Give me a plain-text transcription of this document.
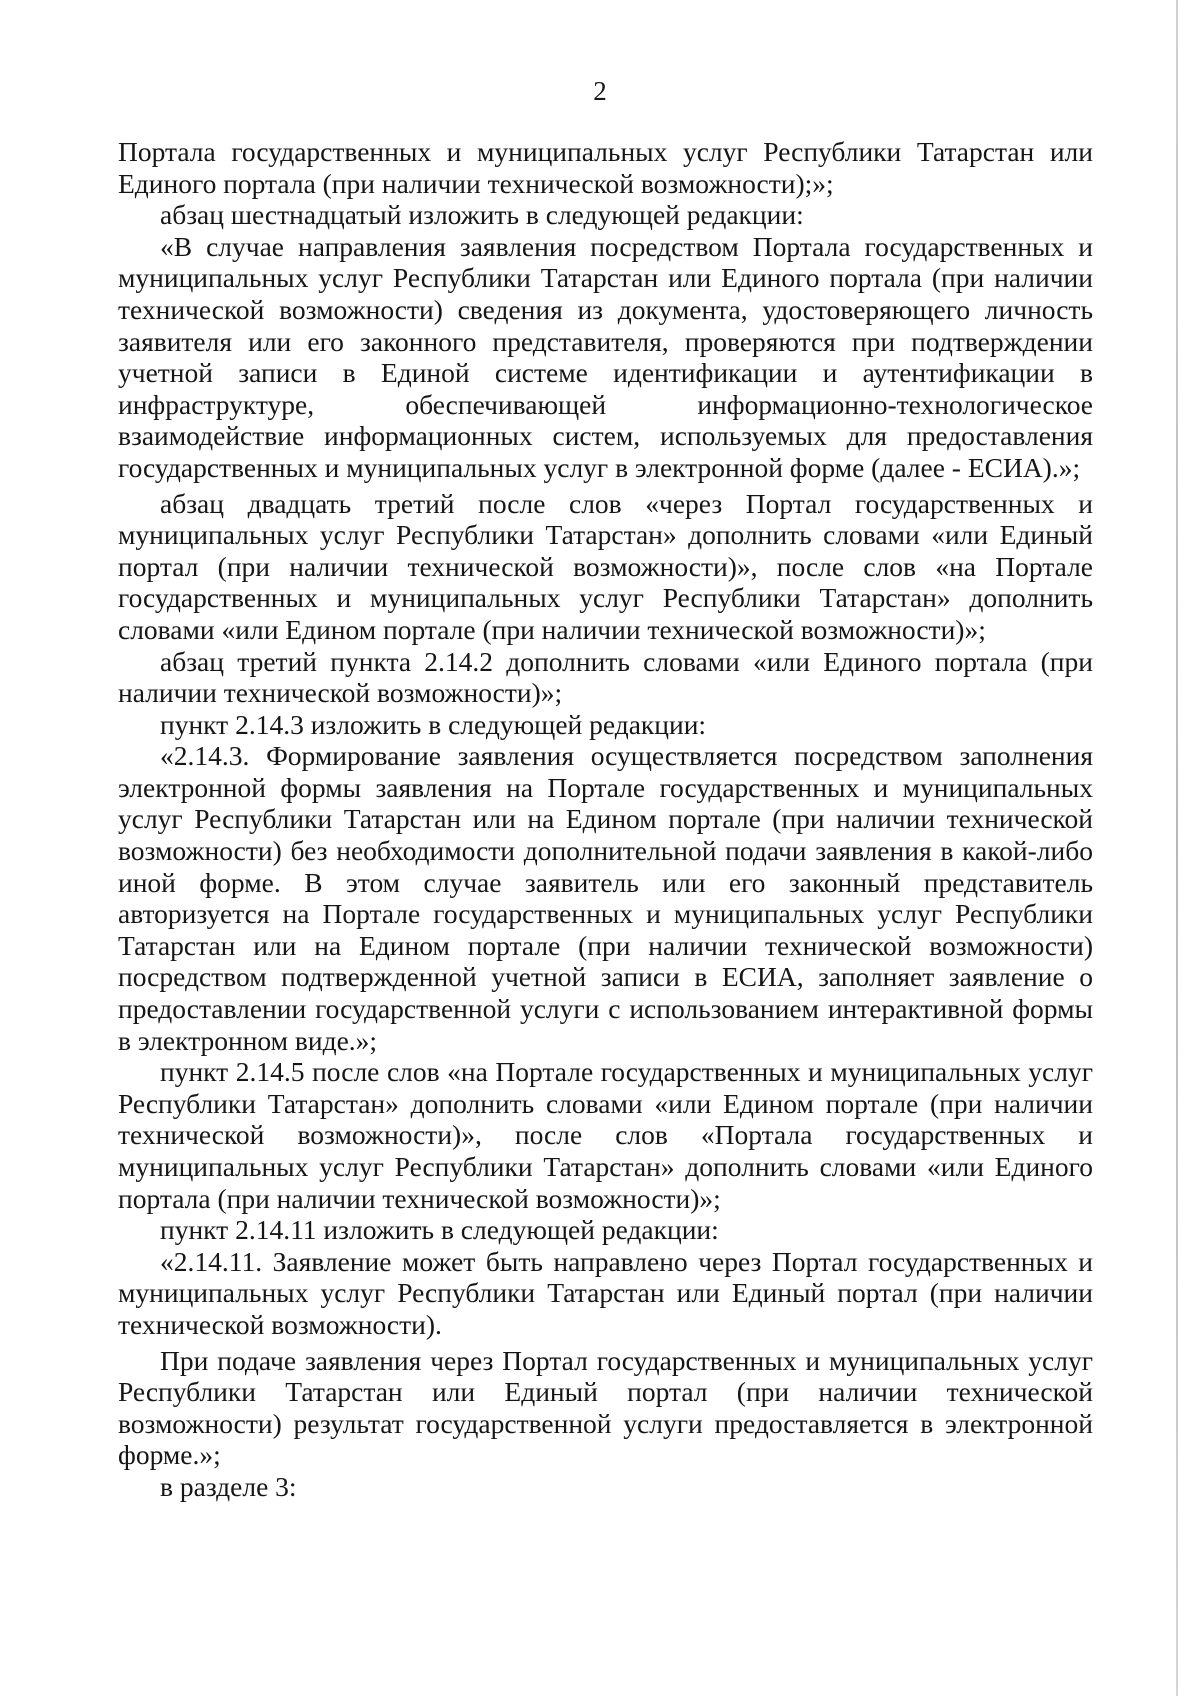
2

Портала государственных и муниципальных услуг Республики Татарстан или Единого портала (при наличии технической возможности);»;

абзац шестнадцатый изложить в следующей редакции:

«В случае направления заявления посредством Портала государственных и муниципальных услуг Республики Татарстан или Единого портала (при наличии технической возможности) сведения из документа, удостоверяющего личность заявителя или его законного представителя, проверяются при подтверждении учетной записи в Единой системе идентификации и аутентификации в инфраструктуре, обеспечивающей информационно-технологическое взаимодействие информационных систем, используемых для предоставления государственных и муниципальных услуг в электронной форме (далее - ЕСИА).»;

абзац двадцать третий после слов «через Портал государственных и муниципальных услуг Республики Татарстан» дополнить словами «или Единый портал (при наличии технической возможности)», после слов «на Портале государственных и муниципальных услуг Республики Татарстан» дополнить словами «или Едином портале (при наличии технической возможности)»;

абзац третий пункта 2.14.2 дополнить словами «или Единого портала (при наличии технической возможности)»;

пункт 2.14.3 изложить в следующей редакции:

«2.14.3. Формирование заявления осуществляется посредством заполнения электронной формы заявления на Портале государственных и муниципальных услуг Республики Татарстан или на Едином портале (при наличии технической возможности) без необходимости дополнительной подачи заявления в какой-либо иной форме. В этом случае заявитель или его законный представитель авторизуется на Портале государственных и муниципальных услуг Республики Татарстан или на Едином портале (при наличии технической возможности) посредством подтвержденной учетной записи в ЕСИА, заполняет заявление о предоставлении государственной услуги с использованием интерактивной формы в электронном виде.»;

пункт 2.14.5 после слов «на Портале государственных и муниципальных услуг Республики Татарстан» дополнить словами «или Едином портале (при наличии технической возможности)», после слов «Портала государственных и муниципальных услуг Республики Татарстан» дополнить словами «или Единого портала (при наличии технической возможности)»;

пункт 2.14.11 изложить в следующей редакции:

«2.14.11. Заявление может быть направлено через Портал государственных и муниципальных услуг Республики Татарстан или Единый портал (при наличии технической возможности).

При подаче заявления через Портал государственных и муниципальных услуг Республики Татарстан или Единый портал (при наличии технической возможности) результат государственной услуги предоставляется в электронной форме.»;

в разделе 3:
